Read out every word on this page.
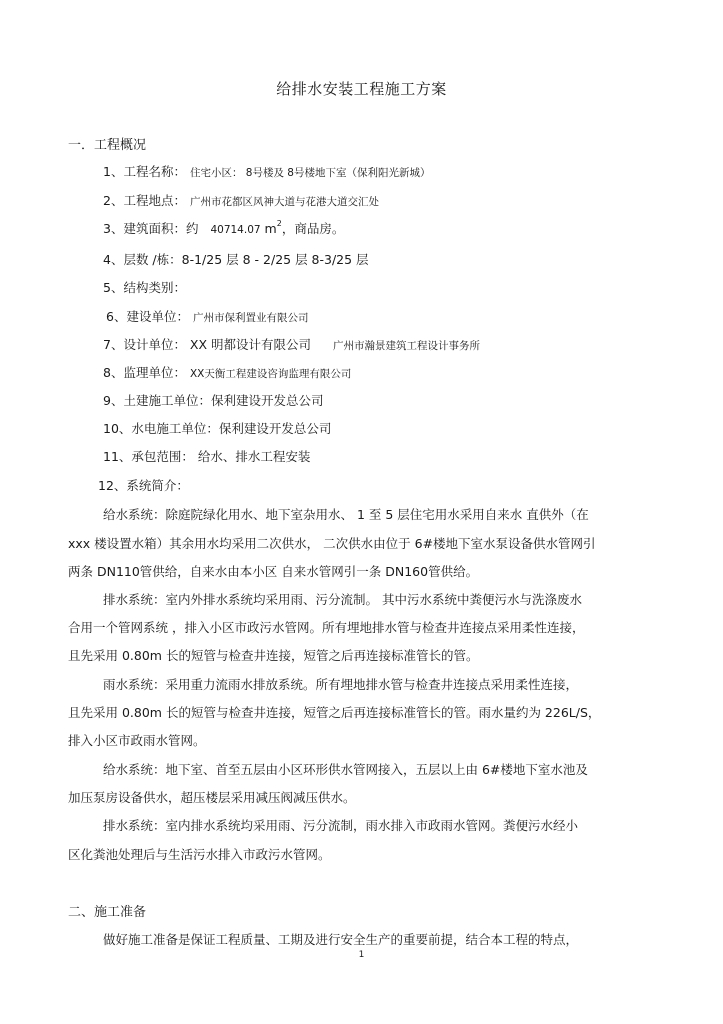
给排水安装工程施工方案
一．工程概况
1、工程名称： 住宅小区： 8号楼及 8号楼地下室（保利阳光新城）
2、工程地点： 广州市花都区风神大道与花港大道交汇处
3、建筑面积：约 40714.07 $m^2$，商品房。
4、层数 /栋：8-1/25 层 8 - 2/25 层 8-3/25 层
5、结构类别：
6、建设单位： 广州市保利置业有限公司
7、设计单位： XX 明都设计有限公司 广州市瀚景建筑工程设计事务所
8、监理单位： XX天衡工程建设咨询监理有限公司
9、土建施工单位：保利建设开发总公司
10、水电施工单位：保利建设开发总公司
11、承包范围： 给水、排水工程安装
12、系统简介：
给水系统：除庭院绿化用水、地下室杂用水、 1 至 5 层住宅用水采用自来水 直供外（在
xxx 楼设置水箱）其余用水均采用二次供水， 二次供水由位于 6#楼地下室水泵设备供水管网引
两条 DN110管供给，自来水由本小区 自来水管网引一条 DN160管供给。
排水系统：室内外排水系统均采用雨、污分流制。 其中污水系统中粪便污水与洗涤废水
合用一个管网系统 ，排入小区市政污水管网。所有埋地排水管与检查井连接点采用柔性连接，
且先采用 0.80m 长的短管与检查井连接，短管之后再连接标准管长的管。
雨水系统：采用重力流雨水排放系统。所有埋地排水管与检查井连接点采用柔性连接，
且先采用 0.80m 长的短管与检查井连接，短管之后再连接标准管长的管。雨水量约为 226L/S，
排入小区市政雨水管网。
给水系统：地下室、首至五层由小区环形供水管网接入，五层以上由 6#楼地下室水池及
加压泵房设备供水，超压楼层采用减压阀减压供水。
排水系统：室内排水系统均采用雨、污分流制，雨水排入市政雨水管网。粪便污水经小
区化粪池处理后与生活污水排入市政污水管网。
二、施工准备
做好施工准备是保证工程质量、工期及进行安全生产的重要前提，结合本工程的特点，
1
